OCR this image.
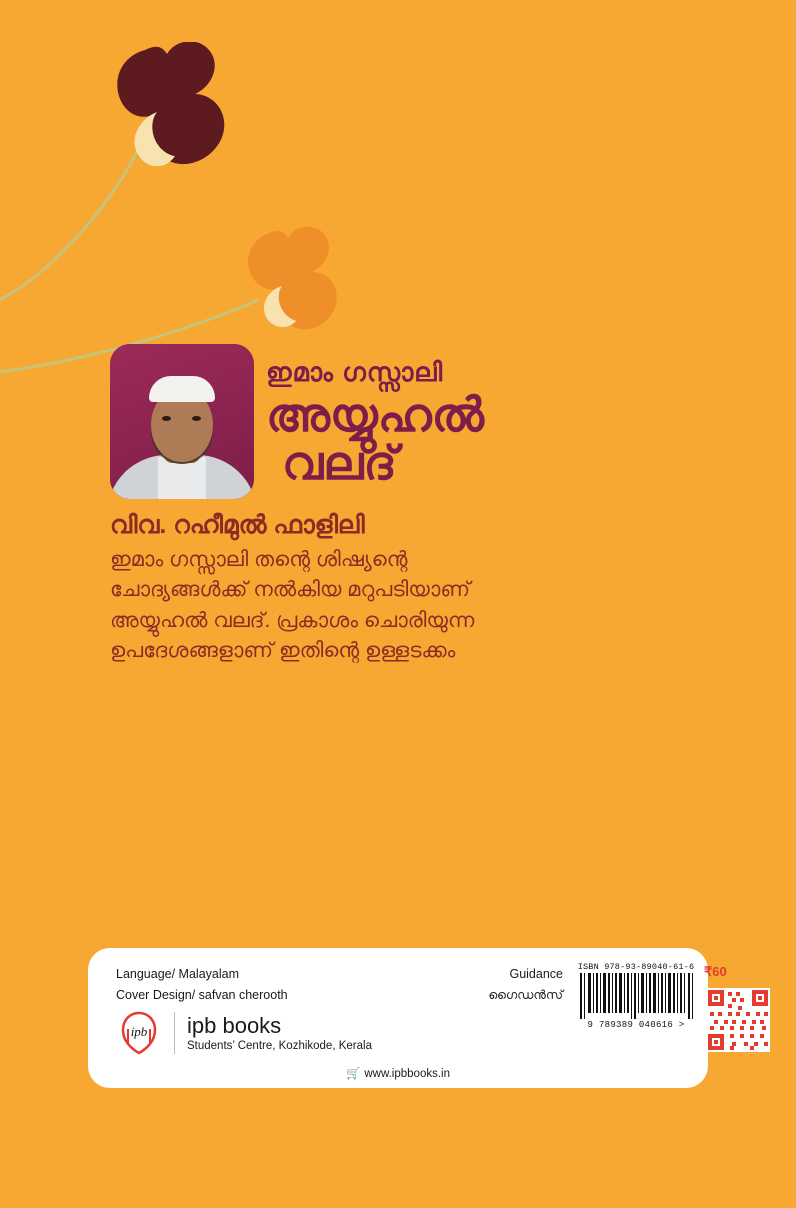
ഇമാം ഗസ്സാലി
അയ്യുഹൽ
വലദ്
വിവ. റഹീമുൽ ഫാളിലി
ഇമാം ഗസ്സാലി തന്റെ ശിഷ്യന്റെ
ചോദ്യങ്ങൾക്ക് നൽകിയ മറുപടിയാണ്
അയ്യുഹൽ വലദ്. പ്രകാശം ചൊരിയുന്ന
ഉപദേശങ്ങളാണ് ഇതിന്റെ ഉള്ളടക്കം
Language/ Malayalam
Cover Design/ safvan cherooth
Guidance
ഗൈഡൻസ്
ISBN 978-93-89040-61-6
9 789389 040616 >
₹60
ipb ipb books
Students’ Centre, Kozhikode, Kerala
🛒 www.ipbbooks.in
